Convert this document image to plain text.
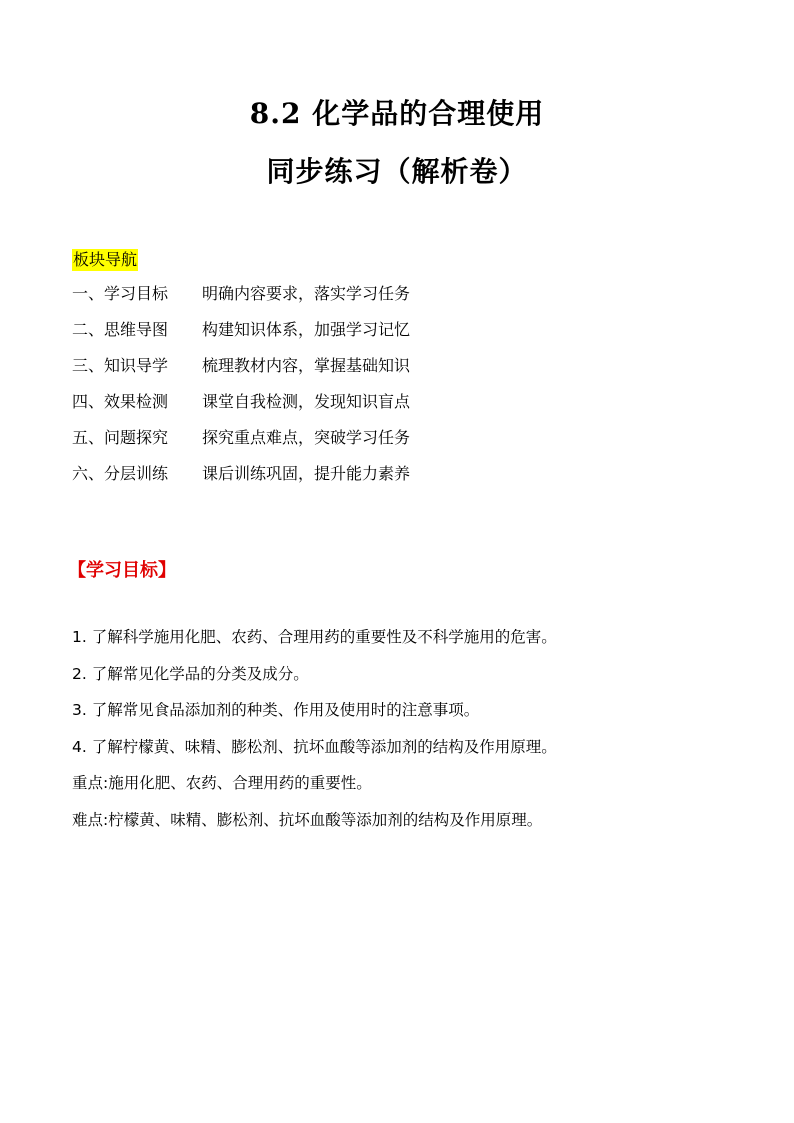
8.2 化学品的合理使用
同步练习（解析卷）
板块导航
一、学习目标 明确内容要求，落实学习任务
二、思维导图 构建知识体系，加强学习记忆
三、知识导学 梳理教材内容，掌握基础知识
四、效果检测 课堂自我检测，发现知识盲点
五、问题探究 探究重点难点，突破学习任务
六、分层训练 课后训练巩固，提升能力素养
【学习目标】
1. 了解科学施用化肥、农药、合理用药的重要性及不科学施用的危害。
2. 了解常见化学品的分类及成分。
3. 了解常见食品添加剂的种类、作用及使用时的注意事项。
4. 了解柠檬黄、味精、膨松剂、抗坏血酸等添加剂的结构及作用原理。
重点:施用化肥、农药、合理用药的重要性。
难点:柠檬黄、味精、膨松剂、抗坏血酸等添加剂的结构及作用原理。
